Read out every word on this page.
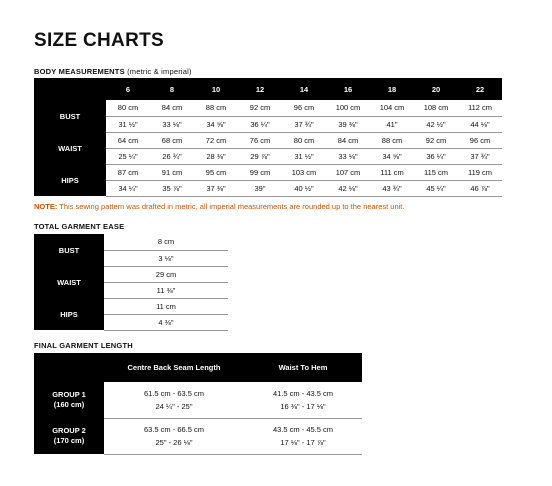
SIZE CHARTS
BODY MEASUREMENTS (metric & imperial)
	6	8	10	12	14	16	18	20	22
BUST	80 cm	84 cm	88 cm	92 cm	96 cm	100 cm	104 cm	108 cm	112 cm
	31 ½"	33 ⅛"	34 ⅝"	36 ¼"	37 ¾"	39 ⅜"	41"	42 ½"	44 ⅛"
WAIST	64 cm	68 cm	72 cm	76 cm	80 cm	84 cm	88 cm	92 cm	96 cm
	25 ¼"	26 ¾"	28 ⅜"	29 ⅞"	31 ½"	33 ⅛"	34 ⅝"	36 ¼"	37 ¾"
HIPS	87 cm	91 cm	95 cm	99 cm	103 cm	107 cm	111 cm	115 cm	119 cm
	34 ¼"	35 ⅞"	37 ⅜"	39"	40 ½"	42 ⅛"	43 ¾"	45 ¼"	46 ⅞"
NOTE: This sewing pattern was drafted in metric, all imperial measurements are rounded up to the nearest unit.
TOTAL GARMENT EASE
BUST	8 cm
	3 ⅛"
WAIST	29 cm
	11 ⅜"
HIPS	11 cm
	4 ⅜"
FINAL GARMENT LENGTH
	Centre Back Seam Length	Waist To Hem

GROUP 1
(160 cm)	61.5 cm - 63.5 cm	41.5 cm - 43.5 cm
	24 ¼" - 25"	16 ⅜" - 17 ⅛"

GROUP 2
(170 cm)	63.5 cm - 66.5 cm	43.5 cm - 45.5 cm
	25" - 26 ⅛"	17 ⅛" - 17 ⅞"
